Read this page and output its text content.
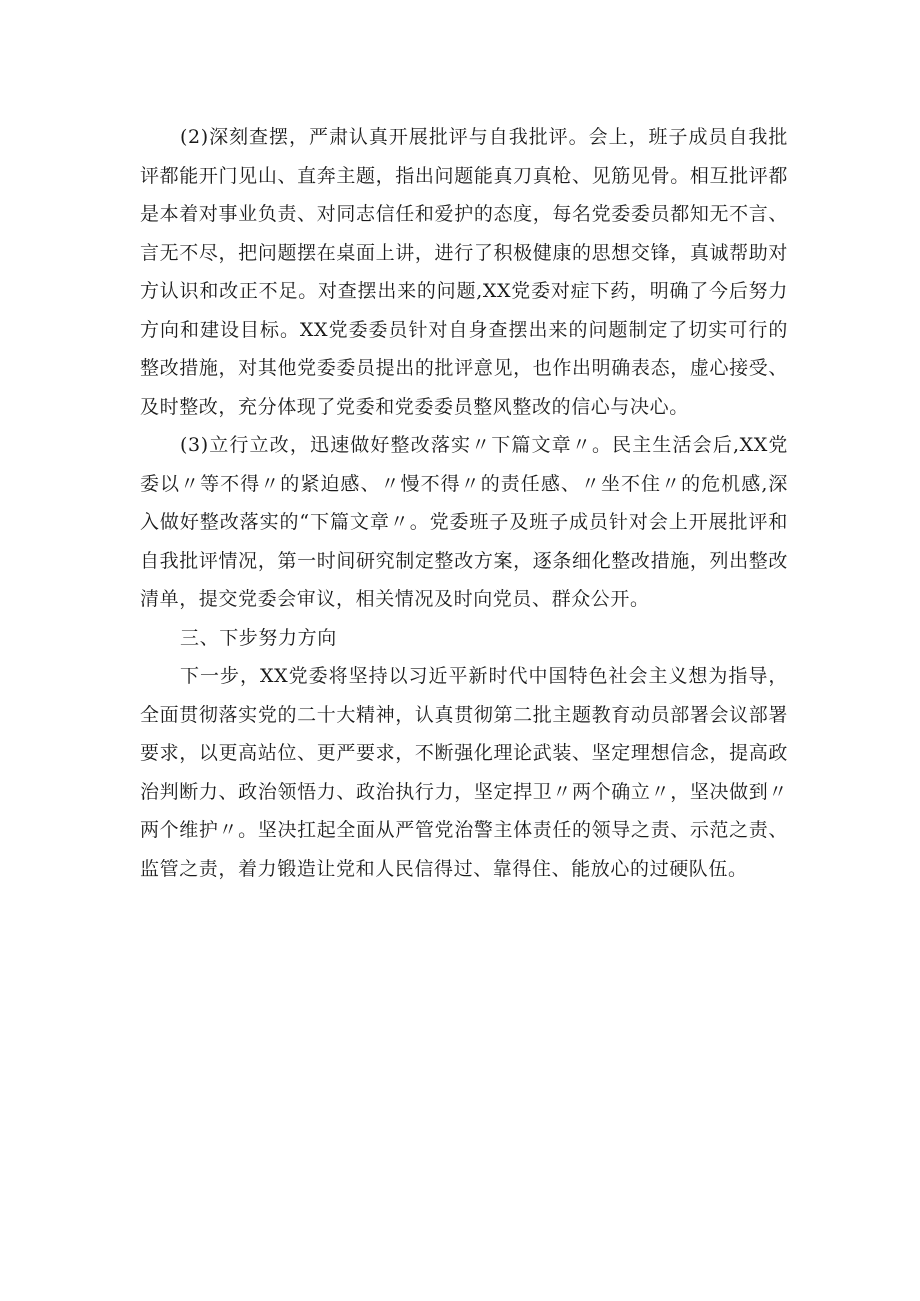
(2)深刻查摆，严肃认真开展批评与自我批评。会上，班子成员自我批评都能开门见山、直奔主题，指出问题能真刀真枪、见筋见骨。相互批评都是本着对事业负责、对同志信任和爱护的态度，每名党委委员都知无不言、言无不尽，把问题摆在桌面上讲，进行了积极健康的思想交锋，真诚帮助对方认识和改正不足。对查摆出来的问题,XX党委对症下药，明确了今后努力方向和建设目标。XX党委委员针对自身查摆出来的问题制定了切实可行的整改措施，对其他党委委员提出的批评意见，也作出明确表态，虚心接受、及时整改，充分体现了党委和党委委员整风整改的信心与决心。

(3)立行立改，迅速做好整改落实〃下篇文章〃。民主生活会后,XX党委以〃等不得〃的紧迫感、〃慢不得〃的责任感、〃坐不住〃的危机感,深入做好整改落实的“下篇文章〃。党委班子及班子成员针对会上开展批评和自我批评情况，第一时间研究制定整改方案，逐条细化整改措施，列出整改清单，提交党委会审议，相关情况及时向党员、群众公开。

三、下步努力方向

下一步，XX党委将坚持以习近平新时代中国特色社会主义想为指导，全面贯彻落实党的二十大精神，认真贯彻第二批主题教育动员部署会议部署要求，以更高站位、更严要求，不断强化理论武装、坚定理想信念，提高政治判断力、政治领悟力、政治执行力，坚定捍卫〃两个确立〃，坚决做到〃两个维护〃。坚决扛起全面从严管党治警主体责任的领导之责、示范之责、监管之责，着力锻造让党和人民信得过、靠得住、能放心的过硬队伍。
